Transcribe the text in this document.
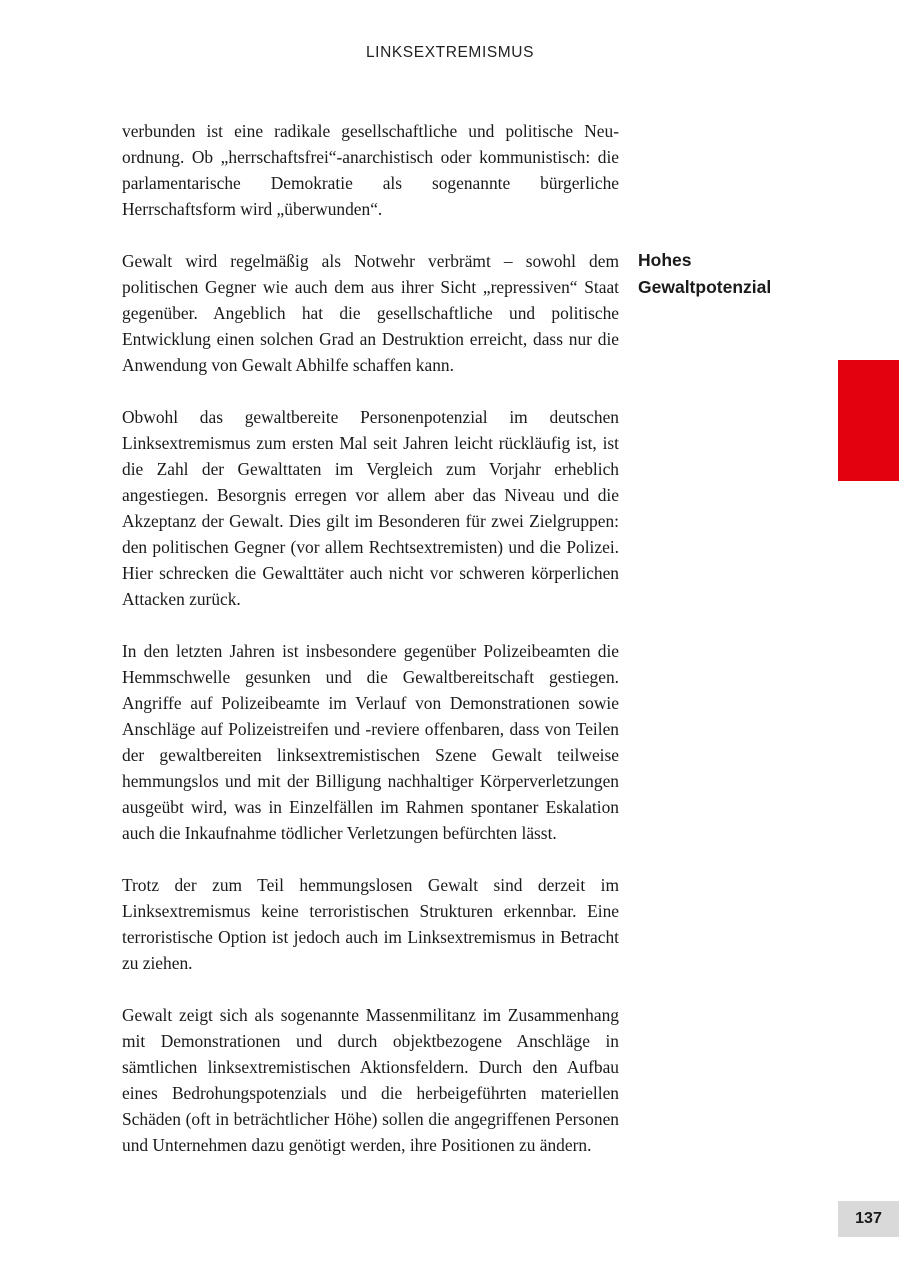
LINKSEXTREMISMUS

verbunden ist eine radikale gesellschaftliche und politische Neuordnung. Ob „herrschaftsfrei“-anarchistisch oder kommunistisch: die parlamentarische Demokratie als sogenannte bürgerliche Herrschaftsform wird „überwunden“.

Gewalt wird regelmäßig als Notwehr verbrämt – sowohl dem politischen Gegner wie auch dem aus ihrer Sicht „repressiven“ Staat gegenüber. Angeblich hat die gesellschaftliche und politische Entwicklung einen solchen Grad an Destruktion erreicht, dass nur die Anwendung von Gewalt Abhilfe schaffen kann.

Obwohl das gewaltbereite Personenpotenzial im deutschen Linksextremismus zum ersten Mal seit Jahren leicht rückläufig ist, ist die Zahl der Gewalttaten im Vergleich zum Vorjahr erheblich angestiegen. Besorgnis erregen vor allem aber das Niveau und die Akzeptanz der Gewalt. Dies gilt im Besonderen für zwei Zielgruppen: den politischen Gegner (vor allem Rechtsextremisten) und die Polizei. Hier schrecken die Gewalttäter auch nicht vor schweren körperlichen Attacken zurück.

In den letzten Jahren ist insbesondere gegenüber Polizeibeamten die Hemmschwelle gesunken und die Gewaltbereitschaft gestiegen. Angriffe auf Polizeibeamte im Verlauf von Demonstrationen sowie Anschläge auf Polizeistreifen und -reviere offenbaren, dass von Teilen der gewaltbereiten linksextremistischen Szene Gewalt teilweise hemmungslos und mit der Billigung nachhaltiger Körperverletzungen ausgeübt wird, was in Einzelfällen im Rahmen spontaner Eskalation auch die Inkaufnahme tödlicher Verletzungen befürchten lässt.

Trotz der zum Teil hemmungslosen Gewalt sind derzeit im Linksextremismus keine terroristischen Strukturen erkennbar. Eine terroristische Option ist jedoch auch im Linksextremismus in Betracht zu ziehen.

Gewalt zeigt sich als sogenannte Massenmilitanz im Zusammenhang mit Demonstrationen und durch objektbezogene Anschläge in sämtlichen linksextremistischen Aktionsfeldern. Durch den Aufbau eines Bedrohungspotenzials und die herbeigeführten materiellen Schäden (oft in beträchtlicher Höhe) sollen die angegriffenen Personen und Unternehmen dazu genötigt werden, ihre Positionen zu ändern.

Hohes
Gewaltpotenzial
137
